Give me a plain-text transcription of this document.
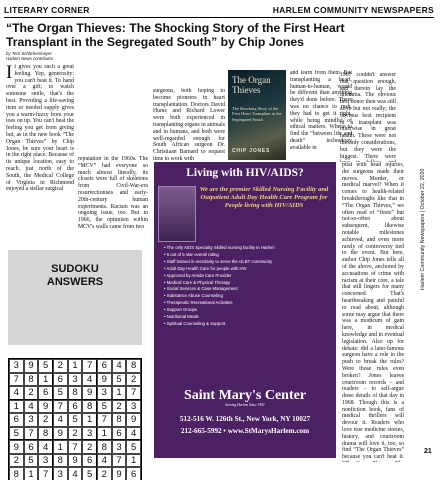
LITERARY CORNER	HARLEM COMMUNITY NEWSPAPERS
“The Organ Thieves: The Shocking Story of the First Heart Transplant in the Segregated South” by Chip Jones
by Terri Schlichenmeyer
Harlem News contributor
It gives you such a great feeling. Yep, generosity: you can't beat it. To hand over a gift; to watch someone smile, that's the best. Providing a life-saving item or needed supply gives you a warm-fuzzy from your toes on up. You can't beat the feeling you get from giving but, as in the new book “The Organ Thieves” by Chip Jones, be sure your heart is in the right place. Because of its unique location, easy to reach, just north of the South, the Medical College of Virginia in Richmond enjoyed a stellar surgical
reputation in the 1960s. The “MCV” had everyone so much almost literally, its closets were full of skeletons from Civil-War-era resurrectionists and early-20th-century human experiments. Racism was an ongoing issue, too. But in 1966, the optimism within MCV's walls came from two
surgeons, both hoping to become pioneers in heart transplantation. Doctors David Hume and Richard Lower were both experienced in transplanting organs in animals and in humans, and both were well-regarded enough for South African surgeon Dr. Christiaan Barnard to request time to work with
The Organ Thieves
The Shocking Story of the First Heart Transplant in the Segregated South
CHIP JONES
and learn from them. But transplanting a heart, human-to-human, would be different than anything they'd done before. There was no chance to rush, they had to get it right, while being mindful of ethical matters. Where to find the “between life and death” technology available in
1967 couldn't answer that question enough, and therein lay the dilemma. The obvious best donor then was still alive but not really; the obvious best recipient of a transplant was otherwise in great health. These were not the only considerations, but they were the biggest. There were
pital with head injuries, the surgeons made their moves. Murder, or medical marvel? When it comes to health-related breakthroughs like that in “The Organ Thieves,” we often read of “firsts” but not-so-often about subsequent, likewise notable milestones achieved, and even more rarely of controversy tied to the event. But here, author Chip Jones tells all of the above, anchored by accusations of crime with racism at their core, a tale that still lingers for many concerned. That's heartbreaking and painful to read about, although some may argue that there was a modicum of gain here, in medical knowledge and in eventual legislation. Also up for debate: did a later-famous surgeon have a role in the push to break the rules? Were those rules even broken? Jones leaves courtroom records – and readers – to self-argue these details of that day in 1968. Though this is a nonfiction book, fans of medical thrillers will devour it. Readers who love true medicine stories, history, and courtroom drama will love it, too, so find “The Organ Thieves” because you can't beat it.
Living with HIV/AIDS?
We are the premier Skilled Nursing Facility and Outpatient Adult Day Health Care Program for People living with HIV/AIDS
• The only AIDS Specialty Skilled nursing facility in Harlem
• 5 out of 5 star overall rating
• Staff trained in sensitivity to serve the GLBT community
• Adult Day Health Care for people with HIV
• Approved by Amida Care Provider
• Medical Care & Physical Therapy
• Social Services & Case Management
• Substance Abuse Counseling
• Therapeutic Recreational Activities
• Support Groups
• Nutritional Meals
• Spiritual Counseling & Support
Saint Mary's Center
Serving Harlem Since 1991
512-516 W. 126th St., New York, NY 10027
212-665-5992 • www.StMarysHarlem.com
SUDOKU
ANSWERS
3 9 5 2 1 7 6 4 8
7 8 1 6 3 4 9 5 2
4 2 6 5 8 9 3 1 7
1 4 9 7 6 8 5 2 3
6 3 2 4 5 1 7 8 9
5 7 8 9 2 3 1 6 4
9 6 4 1 7 2 8 3 5
2 5 3 8 9 6 4 7 1
8 1 7 3 4 5 2 9 6
Harlem Community Newspapers | October 22, 2020
21
